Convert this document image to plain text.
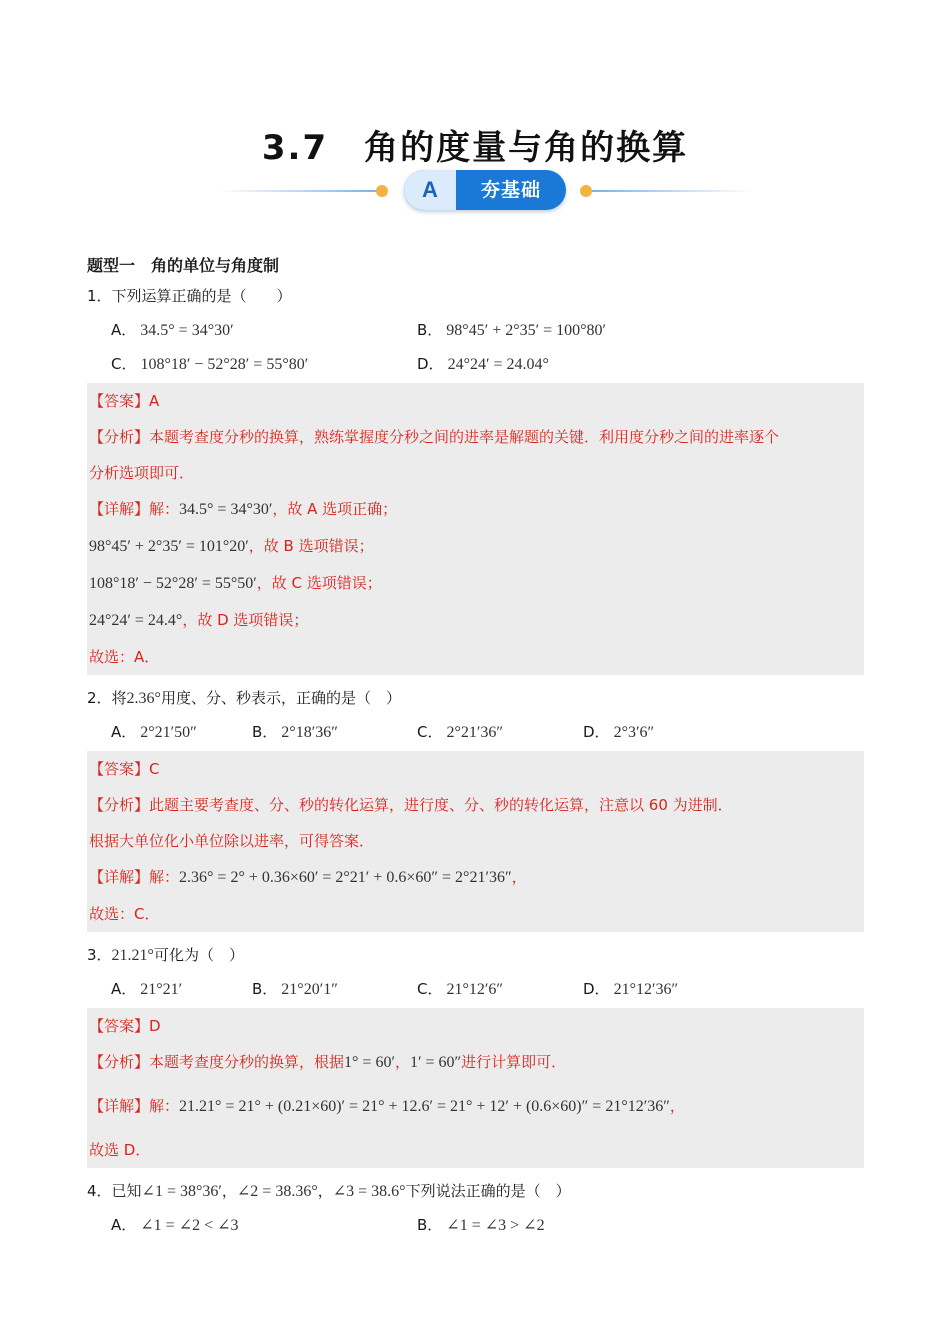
3.7　角的度量与角的换算
A	夯基础
题型一　角的单位与角度制
1．下列运算正确的是（　　）
A． 34.5° = 34°30′	B． 98°45′ + 2°35′ = 100°80′
C． 108°18′ − 52°28′ = 55°80′	D． 24°24′ = 24.04°
【答案】A
【分析】本题考查度分秒的换算，熟练掌握度分秒之间的进率是解题的关键．利用度分秒之间的进率逐个
分析选项即可．
【详解】解：34.5° = 34°30′，故 A 选项正确；
98°45′ + 2°35′ = 101°20′，故 B 选项错误；
108°18′ − 52°28′ = 55°50′，故 C 选项错误；
24°24′ = 24.4°，故 D 选项错误；
故选：A．
2．将2.36°用度、分、秒表示，正确的是（　）
A． 2°21′50″	B． 2°18′36″	C． 2°21′36″	D． 2°3′6″
【答案】C
【分析】此题主要考查度、分、秒的转化运算，进行度、分、秒的转化运算，注意以 60 为进制．
根据大单位化小单位除以进率，可得答案．
【详解】解：2.36° = 2° + 0.36×60′ = 2°21′ + 0.6×60″ = 2°21′36″，
故选：C．
3．21.21°可化为（　）
A． 21°21′	B． 21°20′1″	C． 21°12′6″	D． 21°12′36″
【答案】D
【分析】本题考查度分秒的换算，根据1° = 60′，1′ = 60″进行计算即可．
【详解】解：21.21° = 21° + (0.21×60)′ = 21° + 12.6′ = 21° + 12′ + (0.6×60)″ = 21°12′36″，
故选 D．
4．已知∠1 = 38°36′，∠2 = 38.36°，∠3 = 38.6°下列说法正确的是（　）
A． ∠1 = ∠2 < ∠3	B． ∠1 = ∠3 > ∠2
